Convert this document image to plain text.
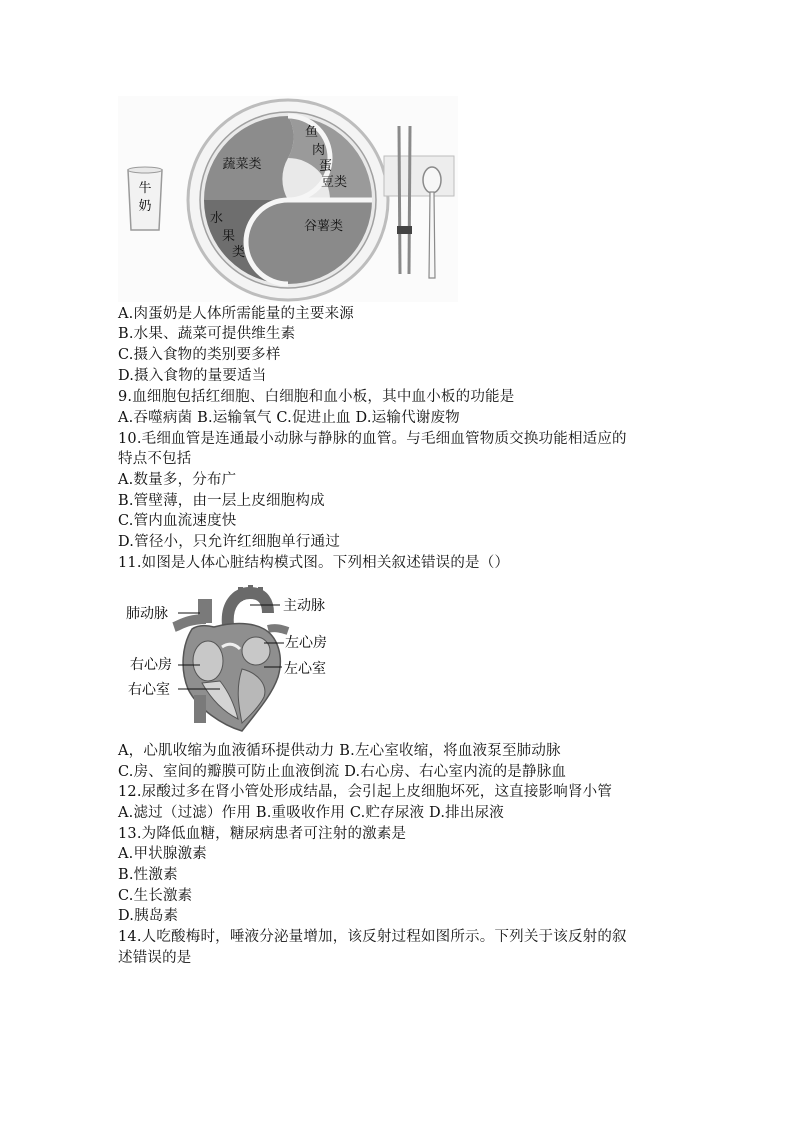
牛
奶
蔬菜类
鱼
肉
蛋
豆类
水
果
类
谷薯类
A.肉蛋奶是人体所需能量的主要来源
B.水果、蔬菜可提供维生素
C.摄入食物的类别要多样
D.摄入食物的量要适当
9.血细胞包括红细胞、白细胞和血小板，其中血小板的功能是
A.吞噬病菌 B.运输氧气 C.促进止血 D.运输代谢废物
10.毛细血管是连通最小动脉与静脉的血管。与毛细血管物质交换功能相适应的
特点不包括
A.数量多，分布广
B.管壁薄，由一层上皮细胞构成
C.管内血流速度快
D.管径小，只允许红细胞单行通过
11.如图是人体心脏结构模式图。下列相关叙述错误的是（）
肺动脉	主动脉
左心房
右心房	左心室
右心室
A，心肌收缩为血液循环提供动力 B.左心室收缩，将血液泵至肺动脉
C.房、室间的瓣膜可防止血液倒流 D.右心房、右心室内流的是静脉血
12.尿酸过多在肾小管处形成结晶，会引起上皮细胞坏死，这直接影响肾小管
A.滤过（过滤）作用 B.重吸收作用 C.贮存尿液 D.排出尿液
13.为降低血糖，糖尿病患者可注射的激素是
A.甲状腺激素
B.性激素
C.生长激素
D.胰岛素
14.人吃酸梅时，唾液分泌量增加，该反射过程如图所示。下列关于该反射的叙
述错误的是
